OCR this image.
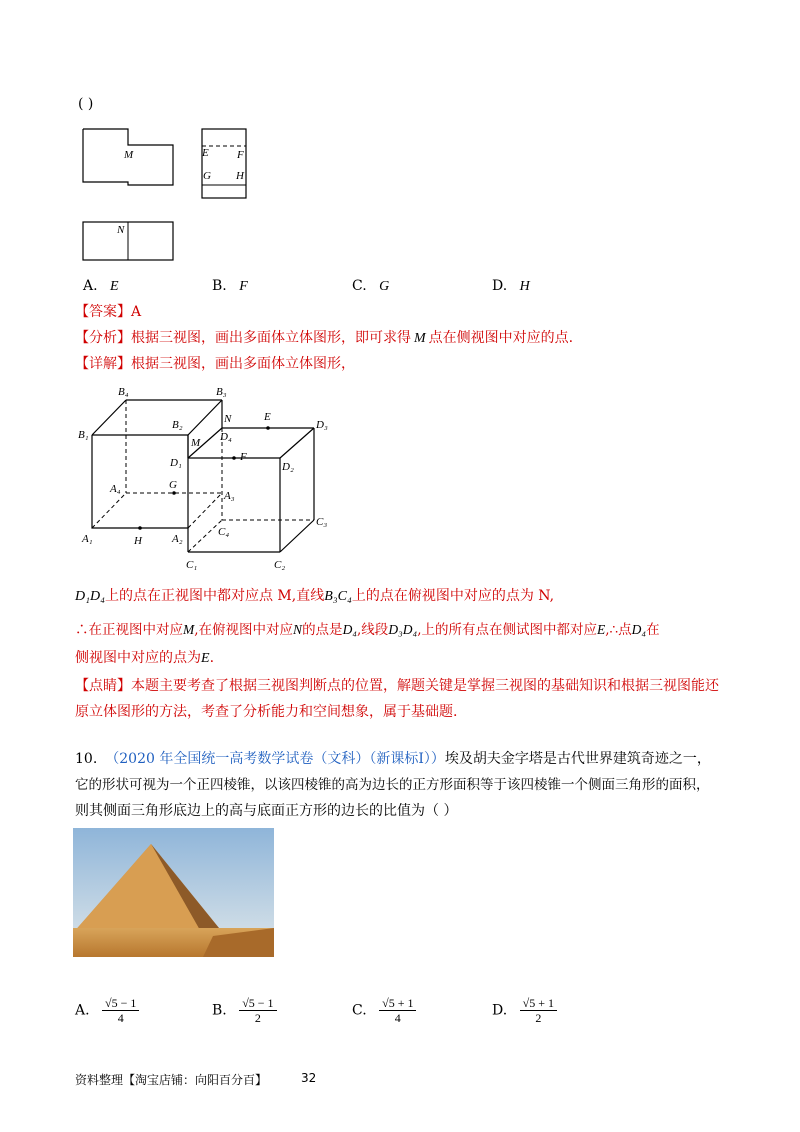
( )
M	E	F
G H
N
A. E	B. F	C. G	D. H
【答案】A
【分析】根据三视图，画出多面体立体图形，即可求得 M 点在侧视图中对应的点.
【详解】根据三视图，画出多面体立体图形，
B₄	B₃
N	E
D₃
B₁
B₂
M D₄
D₁	F
D₂
A₄	G
A₃
C₄
C₃
A₁	H	A₂
C₁	C₂
D₁D₄上的点在正视图中都对应点 M,直线B₃C₄上的点在俯视图中对应的点为 N,
∴在正视图中对应M,在俯视图中对应N的点是D₄,线段D₃D₄,上的所有点在侧试图中都对应E,∴点D₄在
侧视图中对应的点为E.
【点睛】本题主要考查了根据三视图判断点的位置，解题关键是掌握三视图的基础知识和根据三视图能还
原立体图形的方法，考查了分析能力和空间想象，属于基础题.
10. （2020 年全国统一高考数学试卷（文科）（新课标Ⅰ））埃及胡夫金字塔是古代世界建筑奇迹之一，
它的形状可视为一个正四棱锥，以该四棱锥的高为边长的正方形面积等于该四棱锥一个侧面三角形的面积，
则其侧面三角形底边上的高与底面正方形的边长的比值为（ ）
A. $\frac{√5 - 1}{4}$	B. $\frac{√5 - 1}{2}$	C. $\frac{√5 + 1}{4}$	D. $\frac{√5 + 1}{2}$
资料整理【淘宝店铺：向阳百分百】	32
